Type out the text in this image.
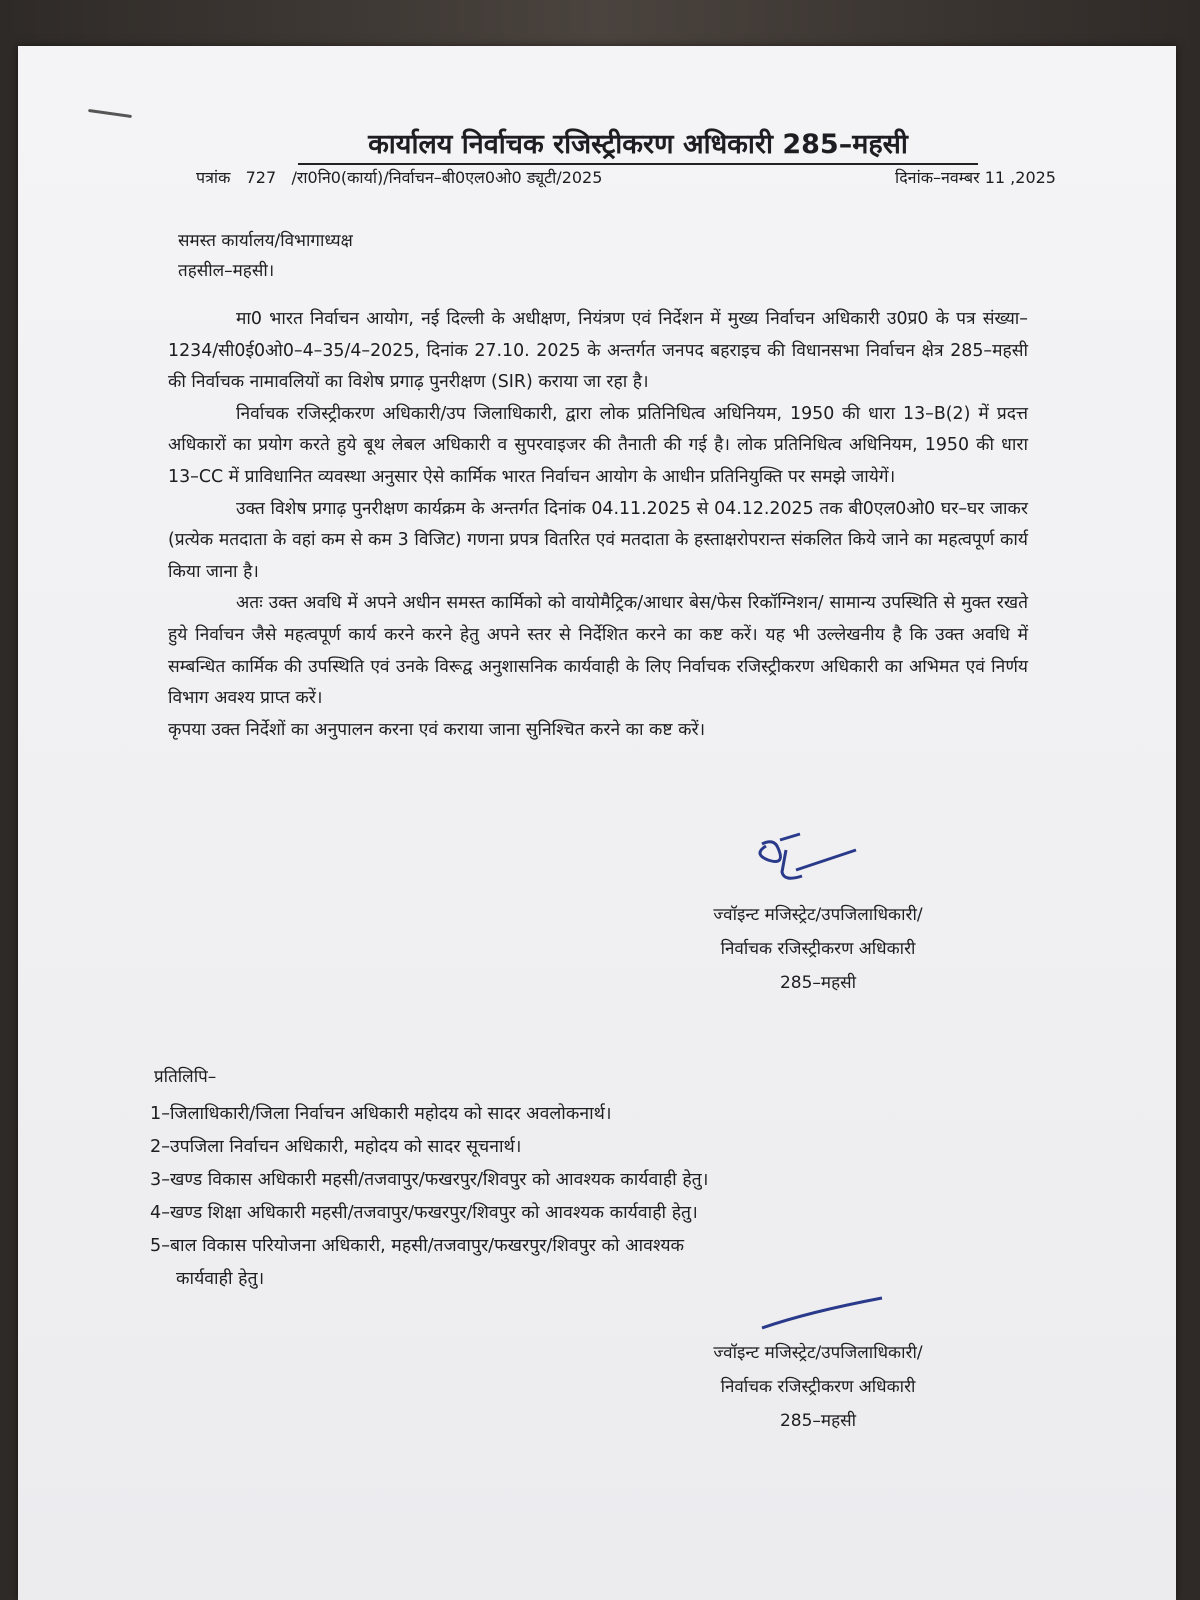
कार्यालय निर्वाचक रजिस्ट्रीकरण अधिकारी 285–महसी
पत्रांक 727 /रा0नि0(कार्या)/निर्वाचन–बी0एल0ओ0 ड्यूटी/2025	दिनांक–नवम्बर 11 ,2025
समस्त कार्यालय/विभागाध्यक्ष
तहसील–महसी।

मा0 भारत निर्वाचन आयोग, नई दिल्ली के अधीक्षण, नियंत्रण एवं निर्देशन में मुख्य निर्वाचन अधिकारी उ0प्र0 के पत्र संख्या–1234/सी0ई0ओ0–4–35/4–2025, दिनांक 27.10. 2025 के अन्तर्गत जनपद बहराइच की विधानसभा निर्वाचन क्षेत्र 285–महसी की निर्वाचक नामावलियों का विशेष प्रगाढ़ पुनरीक्षण (SIR) कराया जा रहा है।

निर्वाचक रजिस्ट्रीकरण अधिकारी/उप जिलाधिकारी, द्वारा लोक प्रतिनिधित्व अधिनियम, 1950 की धारा 13–B(2) में प्रदत्त अधिकारों का प्रयोग करते हुये बूथ लेबल अधिकारी व सुपरवाइजर की तैनाती की गई है। लोक प्रतिनिधित्व अधिनियम, 1950 की धारा 13–CC में प्राविधानित व्यवस्था अनुसार ऐसे कार्मिक भारत निर्वाचन आयोग के आधीन प्रतिनियुक्ति पर समझे जायेगें।

उक्त विशेष प्रगाढ़ पुनरीक्षण कार्यक्रम के अन्तर्गत दिनांक 04.11.2025 से 04.12.2025 तक बी0एल0ओ0 घर–घर जाकर (प्रत्येक मतदाता के वहां कम से कम 3 विजिट) गणना प्रपत्र वितरित एवं मतदाता के हस्ताक्षरोपरान्त संकलित किये जाने का महत्वपूर्ण कार्य किया जाना है।

अतः उक्त अवधि में अपने अधीन समस्त कार्मिको को वायोमैट्रिक/आधार बेस/फेस रिकॉग्निशन/ सामान्य उपस्थिति से मुक्त रखते हुये निर्वाचन जैसे महत्वपूर्ण कार्य करने करने हेतु अपने स्तर से निर्देशित करने का कष्ट करें। यह भी उल्लेखनीय है कि उक्त अवधि में सम्बन्धित कार्मिक की उपस्थिति एवं उनके विरूद्व अनुशासनिक कार्यवाही के लिए निर्वाचक रजिस्ट्रीकरण अधिकारी का अभिमत एवं निर्णय विभाग अवश्य प्राप्त करें।

कृपया उक्त निर्देशों का अनुपालन करना एवं कराया जाना सुनिश्चित करने का कष्ट करें।

ज्वॉइन्ट मजिस्ट्रेट/उपजिलाधिकारी/
निर्वाचक रजिस्ट्रीकरण अधिकारी
285–महसी
प्रतिलिपि–
1–जिलाधिकारी/जिला निर्वाचन अधिकारी महोदय को सादर अवलोकनार्थ।
2–उपजिला निर्वाचन अधिकारी, महोदय को सादर सूचनार्थ।
3–खण्ड विकास अधिकारी महसी/तजवापुर/फखरपुर/शिवपुर को आवश्यक कार्यवाही हेतु।
4–खण्ड शिक्षा अधिकारी महसी/तजवापुर/फखरपुर/शिवपुर को आवश्यक कार्यवाही हेतु।
5–बाल विकास परियोजना अधिकारी, महसी/तजवापुर/फखरपुर/शिवपुर को आवश्यक
कार्यवाही हेतु।
ज्वॉइन्ट मजिस्ट्रेट/उपजिलाधिकारी/
निर्वाचक रजिस्ट्रीकरण अधिकारी
285–महसी
